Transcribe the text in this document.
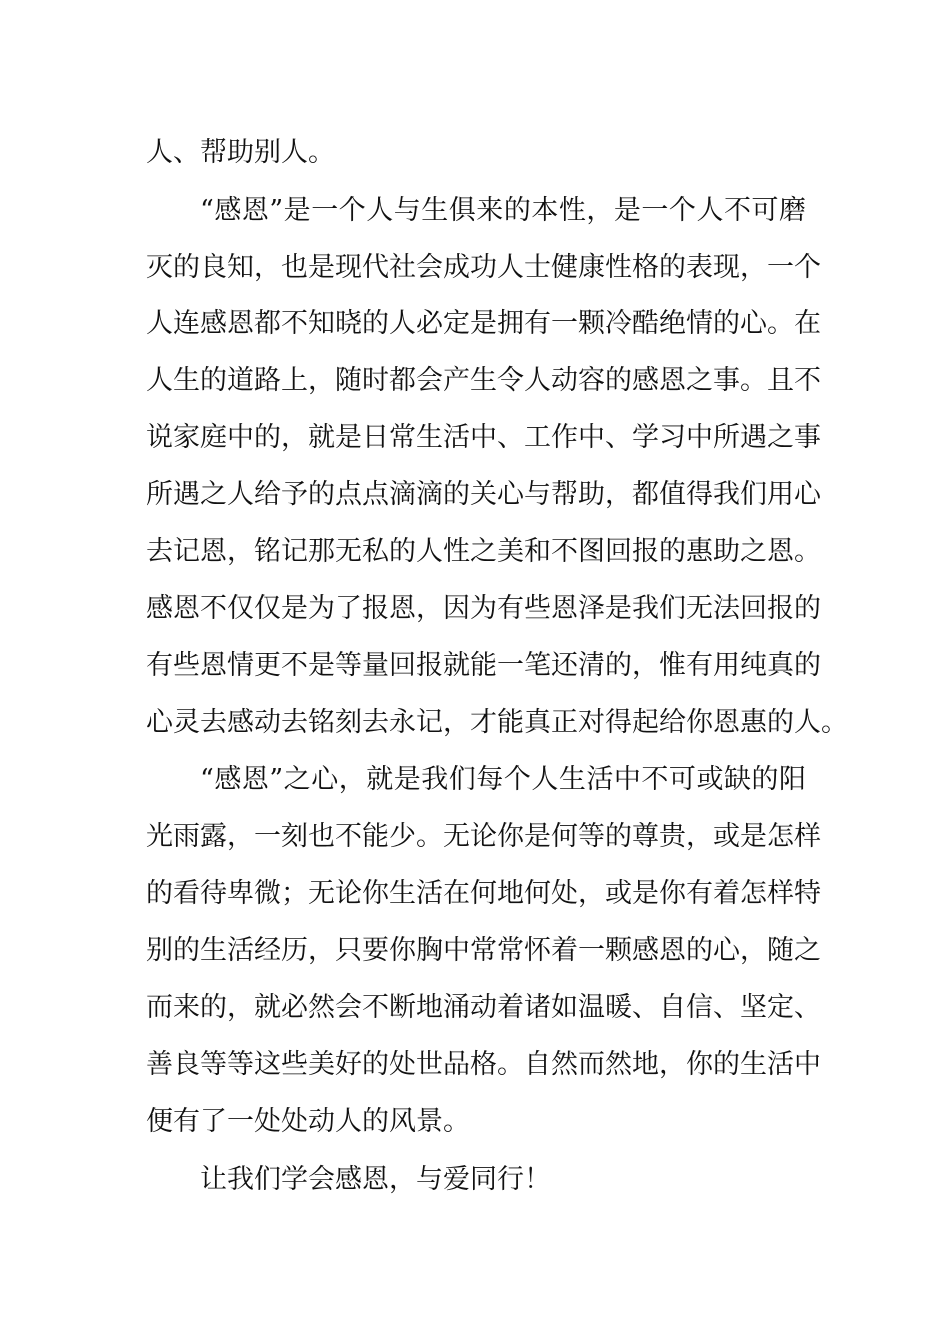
人、帮助别人。

“感恩”是一个人与生俱来的本性，是一个人不可磨

灭的良知，也是现代社会成功人士健康性格的表现，一个

人连感恩都不知晓的人必定是拥有一颗冷酷绝情的心。在

人生的道路上，随时都会产生令人动容的感恩之事。且不

说家庭中的，就是日常生活中、工作中、学习中所遇之事

所遇之人给予的点点滴滴的关心与帮助，都值得我们用心

去记恩，铭记那无私的人性之美和不图回报的惠助之恩。

感恩不仅仅是为了报恩，因为有些恩泽是我们无法回报的

有些恩情更不是等量回报就能一笔还清的，惟有用纯真的

心灵去感动去铭刻去永记，才能真正对得起给你恩惠的人。

“感恩”之心，就是我们每个人生活中不可或缺的阳

光雨露，一刻也不能少。无论你是何等的尊贵，或是怎样

的看待卑微；无论你生活在何地何处，或是你有着怎样特

别的生活经历，只要你胸中常常怀着一颗感恩的心，随之

而来的，就必然会不断地涌动着诸如温暖、自信、坚定、

善良等等这些美好的处世品格。自然而然地，你的生活中

便有了一处处动人的风景。

让我们学会感恩，与爱同行！
